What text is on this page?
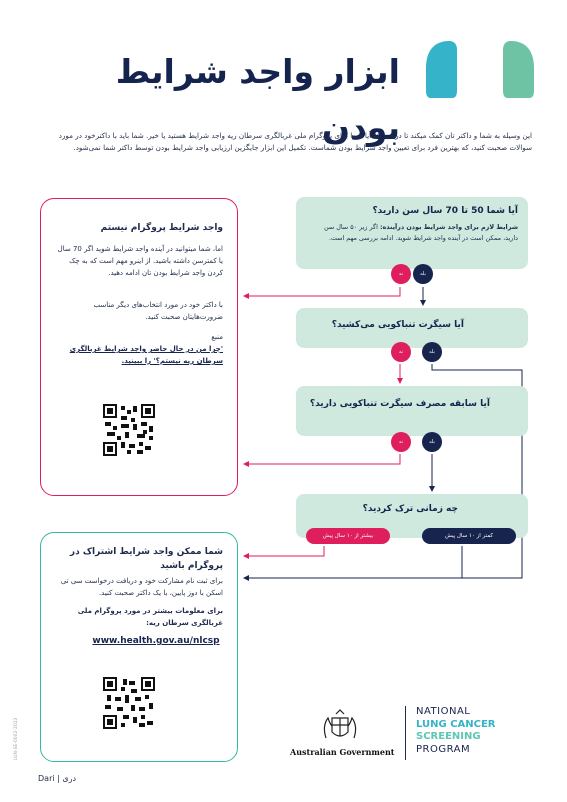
ابزار واجد شرایط بودن
این وسیله به شما و داکتر تان کمک میکند تا دریابید که آیا شما برای پروگرام ملی غربالگری سرطان ریه واجد شرایط هستید یا خیر. شما باید با داکترخود در مورد سوالات صحبت کنید، که بهترین فرد برای تعیین واجد شرایط بودن شماست. تکمیل این ابزار جایگزین ارزیابی واجد شرایط بودن توسط داکتر شما نمی‌شود.
آیا شما 50 تا 70 سال سن دارید؟
شرایط لازم برای واجد شرایط بودن درآینده: اگر زیر ۵۰ سال سن دارید، ممکن است در آینده واجد شرایط شوید. ادامه بررسی مهم است.
نه	بله
آیا سیگرت تنباکویی می‌کشید؟
نه	بله
آیا سابقه مصرف سیگرت تنباکویی دارید؟
نه	بله
چه زمانی ترک کردید؟
بیشتر از ۱۰ سال پیش	کمتر از ۱۰ سال پیش
واجد شرایط پروگرام نیستم
اما، شما میتوانید در آینده واجد شرایط شوید اگر 70 سال یا کمترسن داشته باشید. از اینرو مهم است که به چک کردن واجد شرایط بودن تان ادامه دهید.
با داکتر خود در مورد انتخاب‌های دیگر مناسب ضرورت‌هایتان صحبت کنید.
منبع
'چرا من در حال حاضر واجد شرایط غربالگری سرطان ریه نیستم؟' را ببینید.
شما ممکن واجد شرایط اشتراک در پروگرام باشید
برای ثبت نام مشارکت خود و دریافت درخواست سی تی اسکن با دوز پایین، با یک داکتر صحبت کنید.
برای معلومات بیشتر در مورد پروگرام ملی غربالگری سرطان ریه:
www.health.gov.au/nlcsp
LUN-SE-0002-2023
Dari | دری
Australian Government
NATIONAL
LUNG CANCER
SCREENING
PROGRAM
